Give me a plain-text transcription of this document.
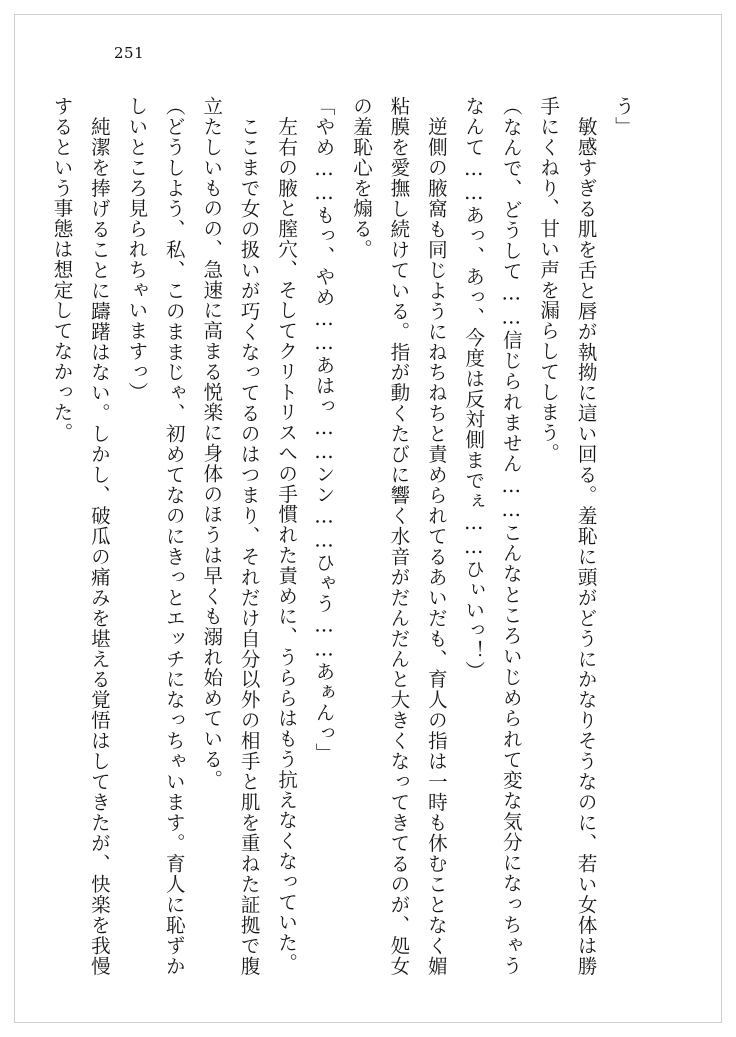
251

う」

　敏感すぎる肌を舌と唇が執拗に這い回る。羞恥に頭がどうにかなりそうなのに、若い女体は勝手にくねり、甘い声を漏らしてしまう。

（なんで、どうして……信じられません……こんなところいじめられて変な気分になっちゃうなんて……あっ、あっ、今度は反対側までぇ……ひぃいっ！）

　逆側の腋窩も同じようにねちねちと責められてるあいだも、育人の指は一時も休むことなく媚粘膜を愛撫し続けている。指が動くたびに響く水音がだんだんと大きくなってきてるのが、処女の羞恥心を煽る。

「やめ……もっ、やめ……あはっ……ンン……ひゃう……あぁんっ」

　左右の腋と膣穴、そしてクリトリスへの手慣れた責めに、うららはもう抗えなくなっていた。

　ここまで女の扱いが巧くなってるのはつまり、それだけ自分以外の相手と肌を重ねた証拠で腹立たしいものの、急速に高まる悦楽に身体のほうは早くも溺れ始めている。

（どうしよう、私、このままじゃ、初めてなのにきっとエッチになっちゃいます。育人に恥ずかしいところ見られちゃいますっ）

　純潔を捧げることに躊躇はない。しかし、破瓜の痛みを堪える覚悟はしてきたが、快楽を我慢するという事態は想定してなかった。
